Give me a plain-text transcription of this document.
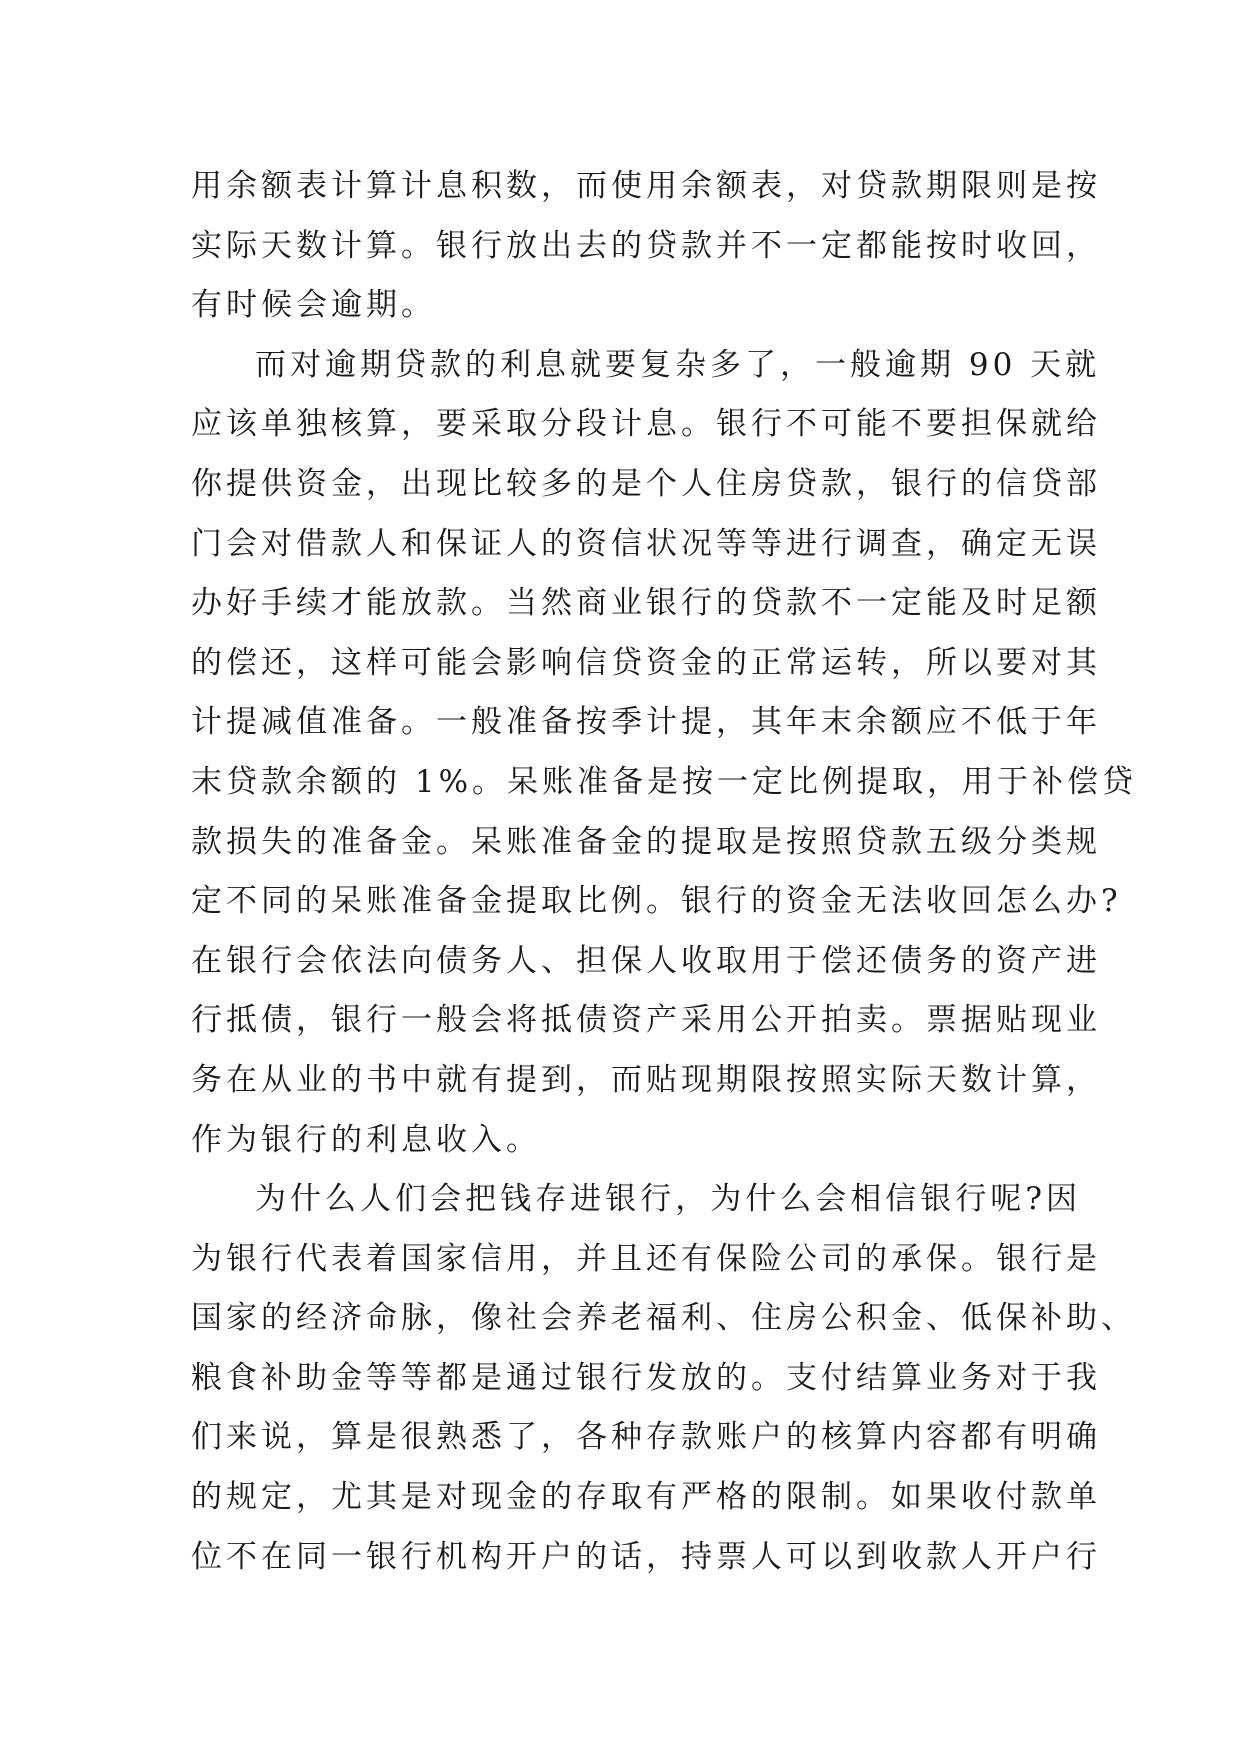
用余额表计算计息积数，而使用余额表，对贷款期限则是按
实际天数计算。银行放出去的贷款并不一定都能按时收回，
有时候会逾期。
而对逾期贷款的利息就要复杂多了，一般逾期 90 天就
应该单独核算，要采取分段计息。银行不可能不要担保就给
你提供资金，出现比较多的是个人住房贷款，银行的信贷部
门会对借款人和保证人的资信状况等等进行调查，确定无误
办好手续才能放款。当然商业银行的贷款不一定能及时足额
的偿还，这样可能会影响信贷资金的正常运转，所以要对其
计提减值准备。一般准备按季计提，其年末余额应不低于年
末贷款余额的 1%。呆账准备是按一定比例提取，用于补偿贷
款损失的准备金。呆账准备金的提取是按照贷款五级分类规
定不同的呆账准备金提取比例。银行的资金无法收回怎么办?
在银行会依法向债务人、担保人收取用于偿还债务的资产进
行抵债，银行一般会将抵债资产采用公开拍卖。票据贴现业
务在从业的书中就有提到，而贴现期限按照实际天数计算，
作为银行的利息收入。
为什么人们会把钱存进银行，为什么会相信银行呢?因
为银行代表着国家信用，并且还有保险公司的承保。银行是
国家的经济命脉，像社会养老福利、住房公积金、低保补助、
粮食补助金等等都是通过银行发放的。支付结算业务对于我
们来说，算是很熟悉了，各种存款账户的核算内容都有明确
的规定，尤其是对现金的存取有严格的限制。如果收付款单
位不在同一银行机构开户的话，持票人可以到收款人开户行
